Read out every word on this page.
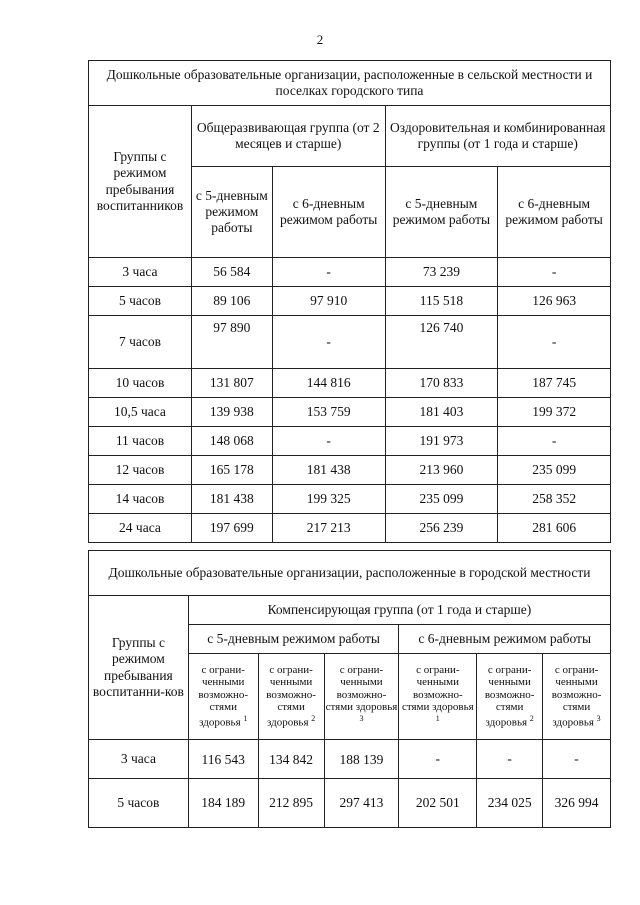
2
Дошкольные образовательные организации, расположенные в сельской местности и поселках городского типа				
Группы с режимом пребывания воспитанников	Общеразвивающая группа (от 2 месяцев и старше)		Оздоровительная и комбинированная группы (от 1 года и старше)	
	с 5-дневным режимом работы	с 6-дневным режимом работы	с 5-дневным режимом работы	с 6-дневным режимом работы
3 часа	56 584	-	73 239	-
5 часов	89 106	97 910	115 518	126 963
7 часов	97 890	-	126 740	-
10 часов	131 807	144 816	170 833	187 745
10,5 часа	139 938	153 759	181 403	199 372
11 часов	148 068	-	191 973	-
12 часов	165 178	181 438	213 960	235 099
14 часов	181 438	199 325	235 099	258 352
24 часа	197 699	217 213	256 239	281 606
Дошкольные образовательные организации, расположенные в городской местности						
Группы с режимом пребывания воспитанни-ков	Компенсирующая группа (от 1 года и старше)					
	с 5-дневным режимом работы			с 6-дневным режимом работы		
	с ограни-ченными возможно-стями здоровья $^1$	с ограни-ченными возможно-стями здоровья $^2$	с ограни-ченными возможно-стями здоровья $^3$	с ограни-ченными возможно-стями здоровья $^1$	с ограни-ченными возможно-стями здоровья $^2$	с ограни-ченными возможно-стями здоровья $^3$
3 часа	116 543	134 842	188 139	-	-	-
5 часов	184 189	212 895	297 413	202 501	234 025	326 994
